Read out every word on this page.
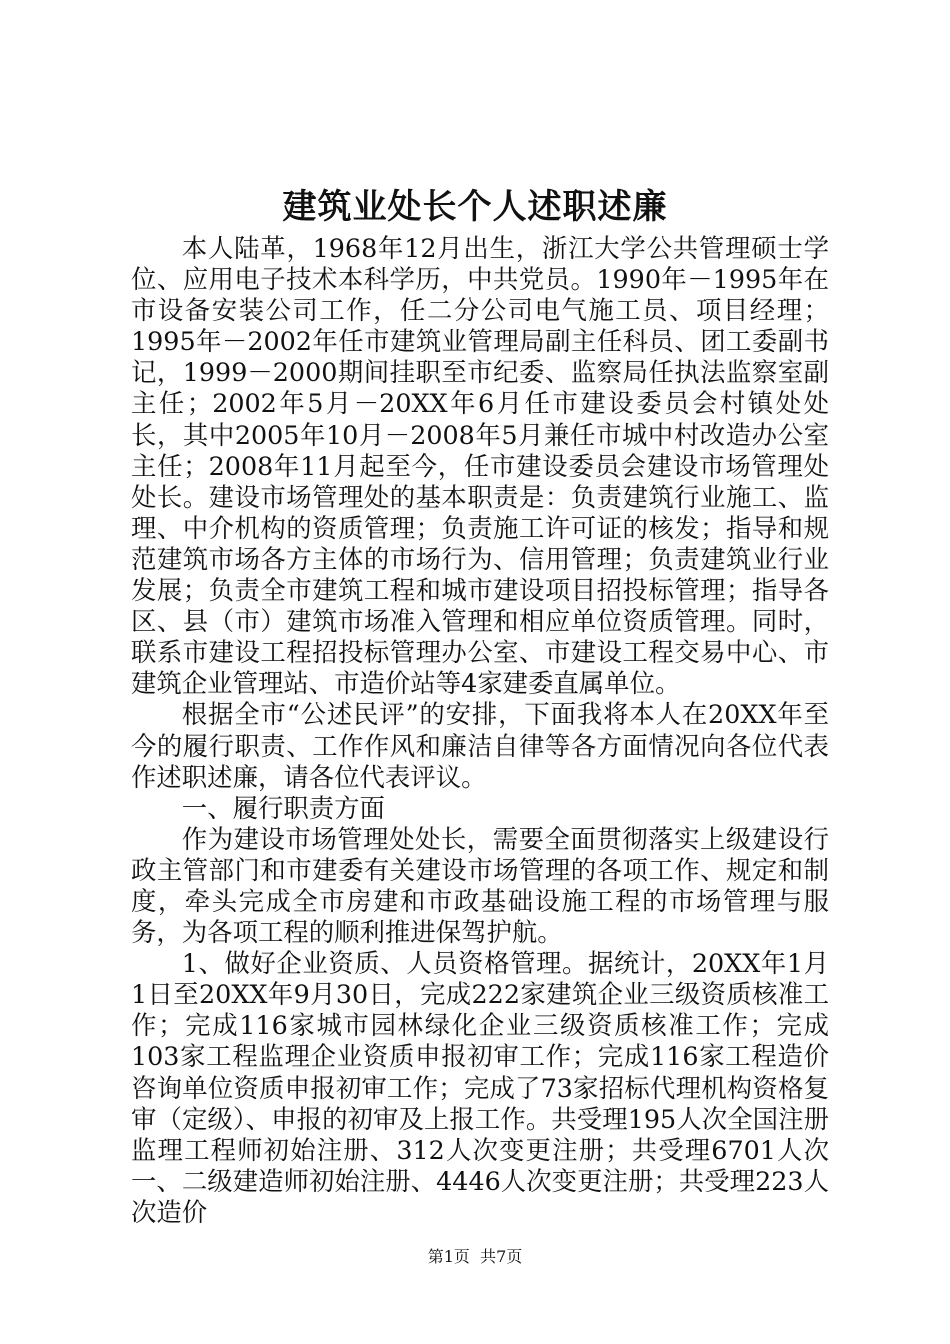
建筑业处长个人述职述廉

本人陆革，1968年12月出生，浙江大学公共管理硕士学位、应用电子技术本科学历，中共党员。1990年－1995年在市设备安装公司工作，任二分公司电气施工员、项目经理；1995年－2002年任市建筑业管理局副主任科员、团工委副书记，1999－2000期间挂职至市纪委、监察局任执法监察室副主任；2002年5月－20XX年6月任市建设委员会村镇处处长，其中2005年10月－2008年5月兼任市城中村改造办公室主任；2008年11月起至今，任市建设委员会建设市场管理处处长。建设市场管理处的基本职责是：负责建筑行业施工、监理、中介机构的资质管理；负责施工许可证的核发；指导和规范建筑市场各方主体的市场行为、信用管理；负责建筑业行业发展；负责全市建筑工程和城市建设项目招投标管理；指导各区、县（市）建筑市场准入管理和相应单位资质管理。同时，联系市建设工程招投标管理办公室、市建设工程交易中心、市建筑企业管理站、市造价站等4家建委直属单位。

根据全市“公述民评”的安排，下面我将本人在20XX年至今的履行职责、工作作风和廉洁自律等各方面情况向各位代表作述职述廉，请各位代表评议。

一、履行职责方面

作为建设市场管理处处长，需要全面贯彻落实上级建设行政主管部门和市建委有关建设市场管理的各项工作、规定和制度，牵头完成全市房建和市政基础设施工程的市场管理与服务，为各项工程的顺利推进保驾护航。

1、做好企业资质、人员资格管理。据统计，20XX年1月1日至20XX年9月30日，完成222家建筑企业三级资质核准工作；完成116家城市园林绿化企业三级资质核准工作；完成103家工程监理企业资质申报初审工作；完成116家工程造价咨询单位资质申报初审工作；完成了73家招标代理机构资格复审（定级）、申报的初审及上报工作。共受理195人次全国注册监理工程师初始注册、312人次变更注册；共受理6701人次一、二级建造师初始注册、4446人次变更注册；共受理223人次造价

第1页 共7页
